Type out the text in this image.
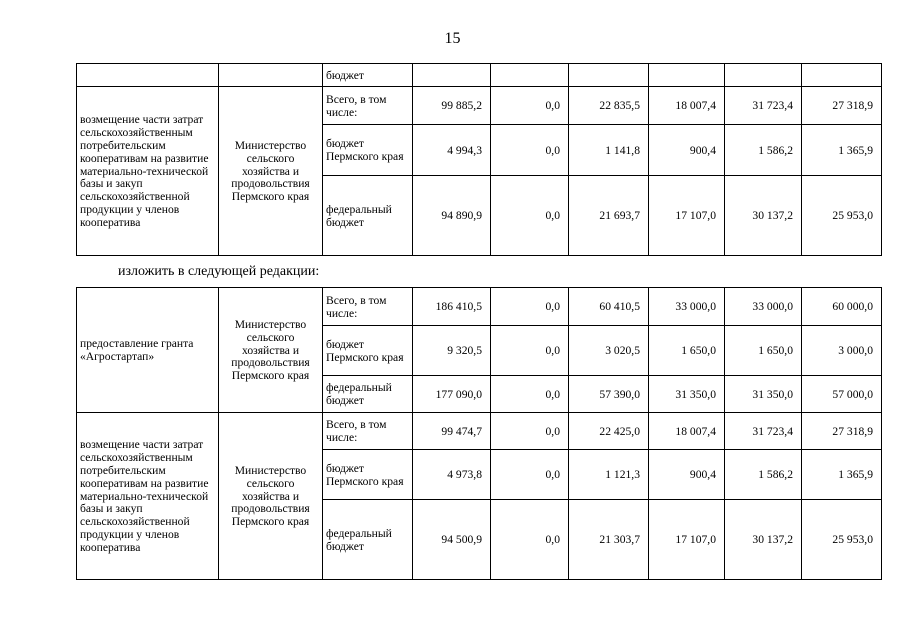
15
		бюджет						
возмещение части затрат сельскохозяйственным потребительским кооперативам на развитие материально-технической базы и закуп сельскохозяйственной продукции у членов кооператива	Министерство сельского хозяйства и продовольствия Пермского края	Всего, в том числе:	99 885,2	0,0	22 835,5	18 007,4	31 723,4	27 318,9
		бюджет Пермского края	4 994,3	0,0	1 141,8	900,4	1 586,2	1 365,9
		федеральный бюджет	94 890,9	0,0	21 693,7	17 107,0	30 137,2	25 953,0
изложить в следующей редакции:
предоставление гранта «Агростартап»	Министерство сельского хозяйства и продовольствия Пермского края	Всего, в том числе:	186 410,5	0,0	60 410,5	33 000,0	33 000,0	60 000,0
		бюджет Пермского края	9 320,5	0,0	3 020,5	1 650,0	1 650,0	3 000,0
		федеральный бюджет	177 090,0	0,0	57 390,0	31 350,0	31 350,0	57 000,0
возмещение части затрат сельскохозяйственным потребительским кооперативам на развитие материально-технической базы и закуп сельскохозяйственной продукции у членов кооператива	Министерство сельского хозяйства и продовольствия Пермского края	Всего, в том числе:	99 474,7	0,0	22 425,0	18 007,4	31 723,4	27 318,9
		бюджет Пермского края	4 973,8	0,0	1 121,3	900,4	1 586,2	1 365,9
		федеральный бюджет	94 500,9	0,0	21 303,7	17 107,0	30 137,2	25 953,0
